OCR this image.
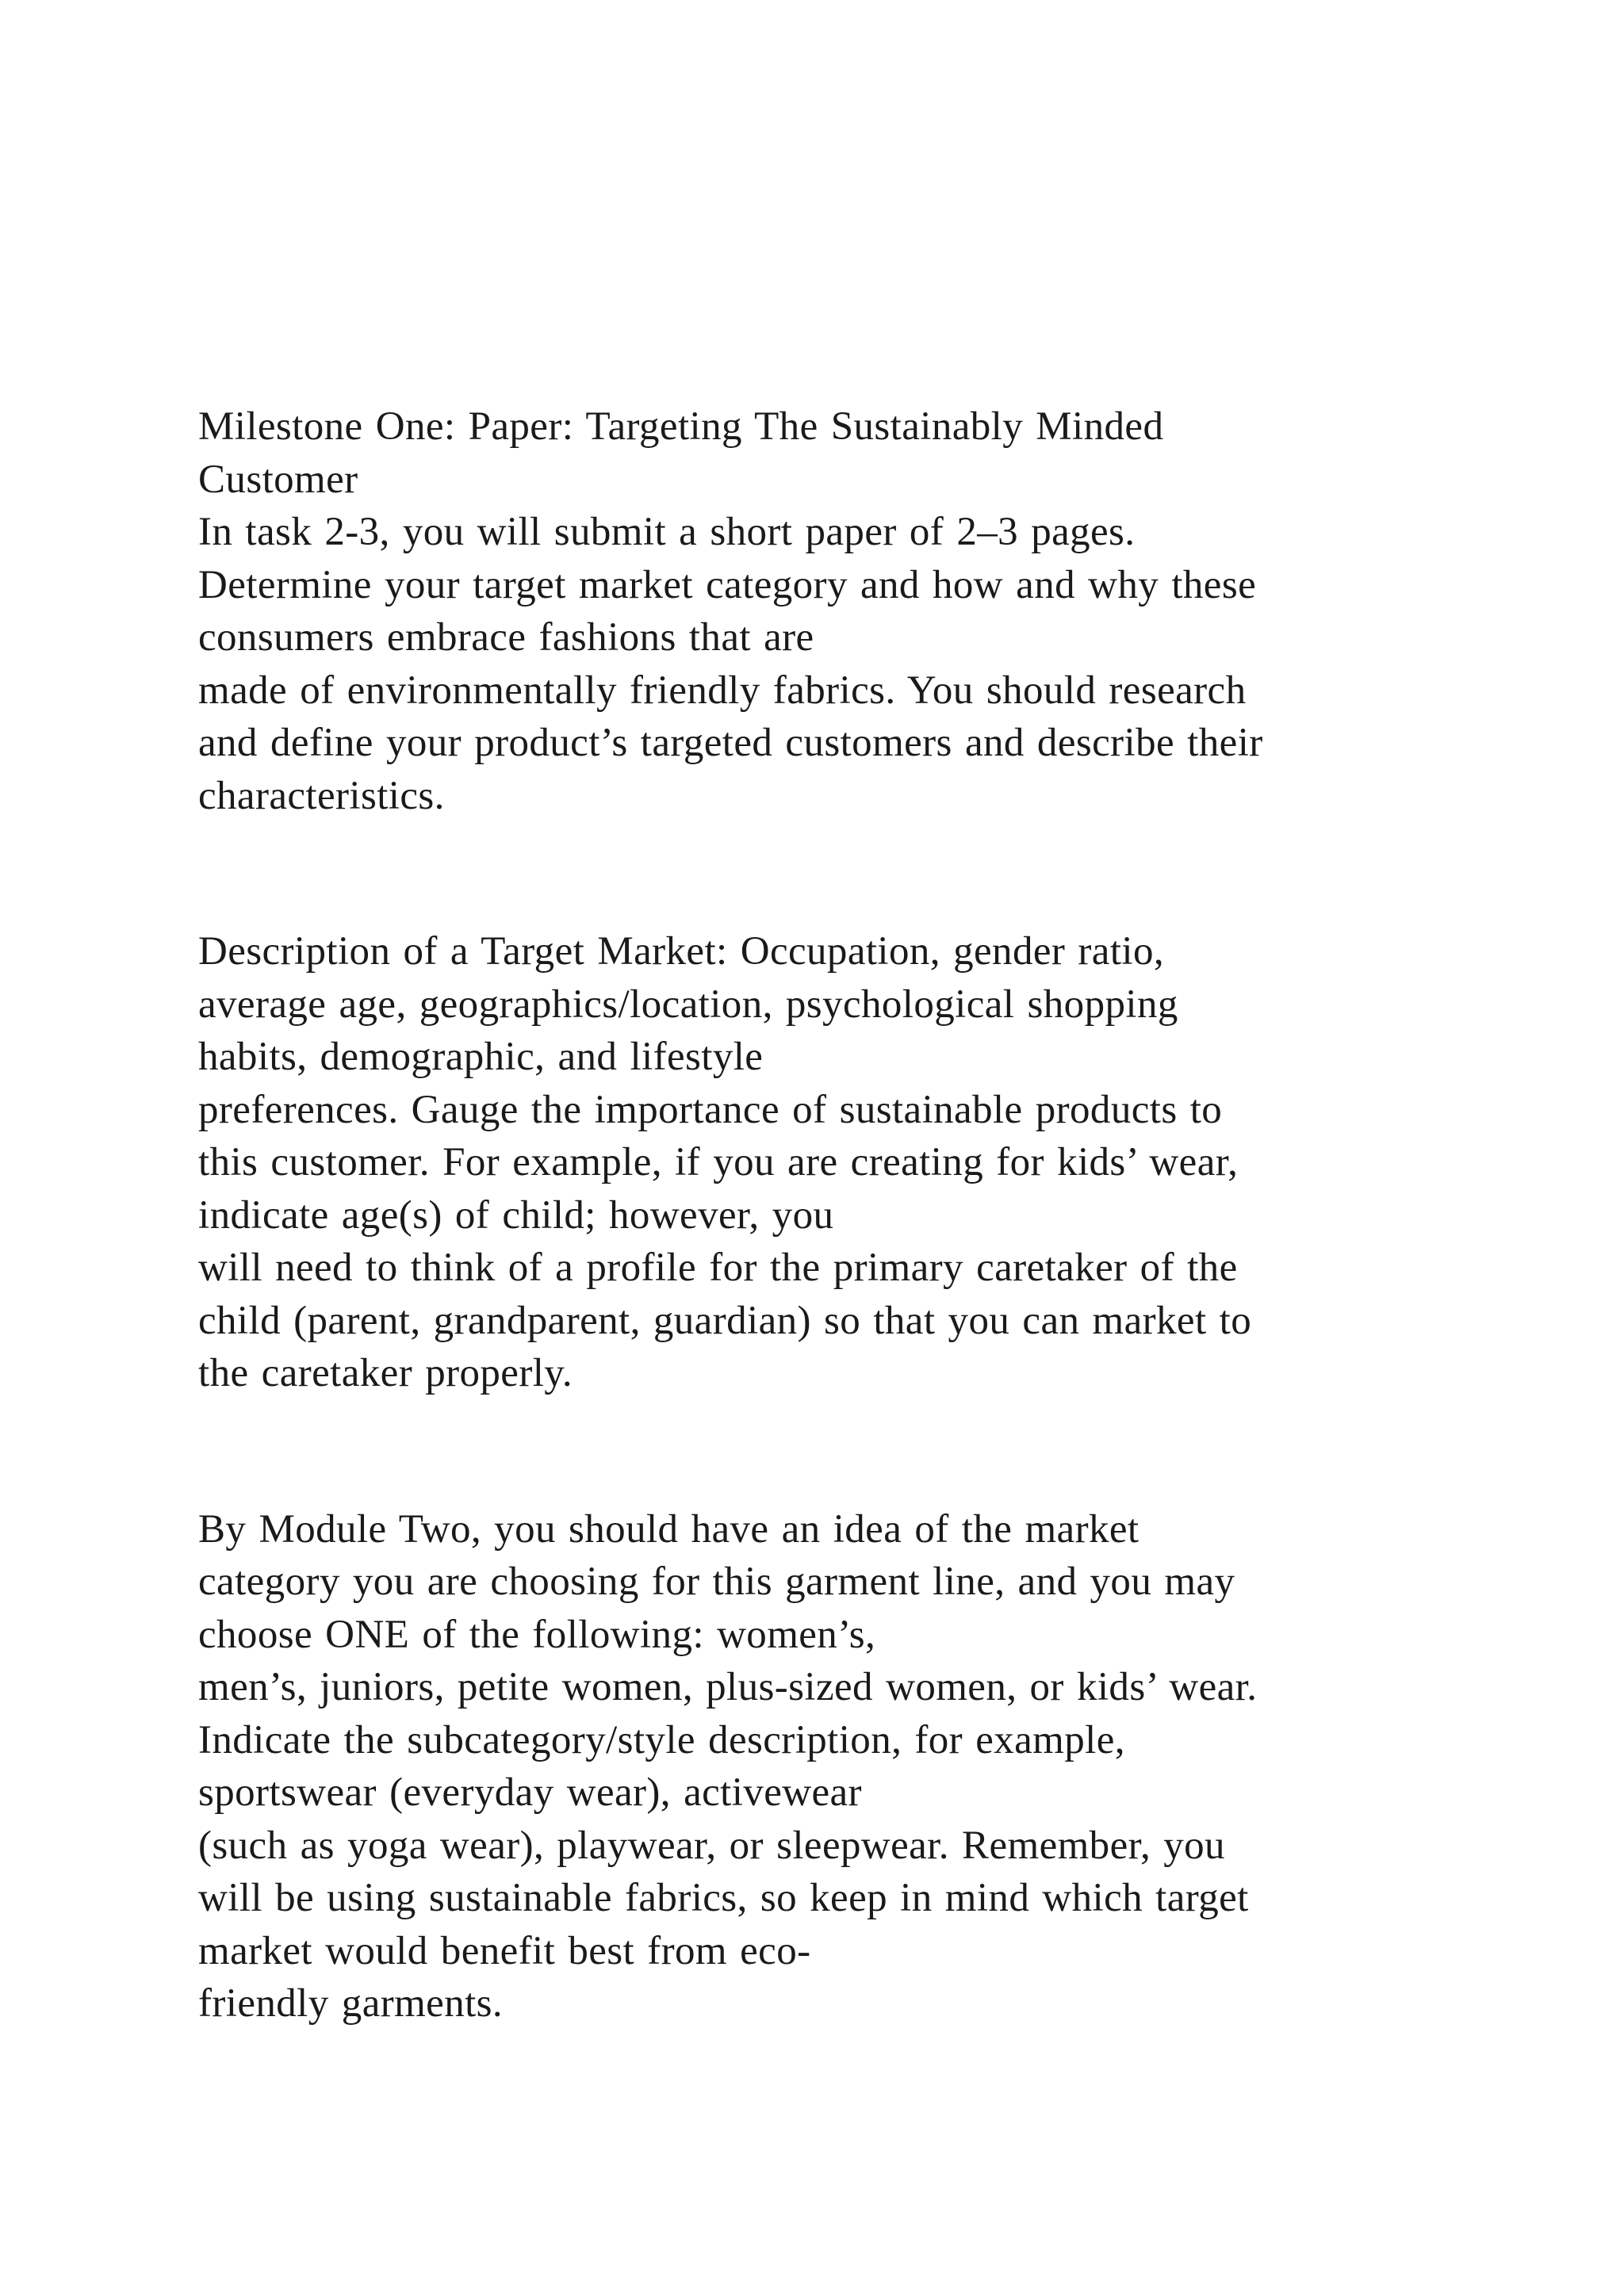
Milestone One: Paper: Targeting The Sustainably Minded
Customer
In task 2-3, you will submit a short paper of 2–3 pages.
Determine your target market category and how and why these
consumers embrace fashions that are
made of environmentally friendly fabrics. You should research
and define your product’s targeted customers and describe their
characteristics.

Description of a Target Market: Occupation, gender ratio,
average age, geographics/location, psychological shopping
habits, demographic, and lifestyle
preferences. Gauge the importance of sustainable products to
this customer. For example, if you are creating for kids’ wear,
indicate age(s) of child; however, you
will need to think of a profile for the primary caretaker of the
child (parent, grandparent, guardian) so that you can market to
the caretaker properly.

By Module Two, you should have an idea of the market
category you are choosing for this garment line, and you may
choose ONE of the following: women’s,
men’s, juniors, petite women, plus-sized women, or kids’ wear.
Indicate the subcategory/style description, for example,
sportswear (everyday wear), activewear
(such as yoga wear), playwear, or sleepwear. Remember, you
will be using sustainable fabrics, so keep in mind which target
market would benefit best from eco-
friendly garments.
